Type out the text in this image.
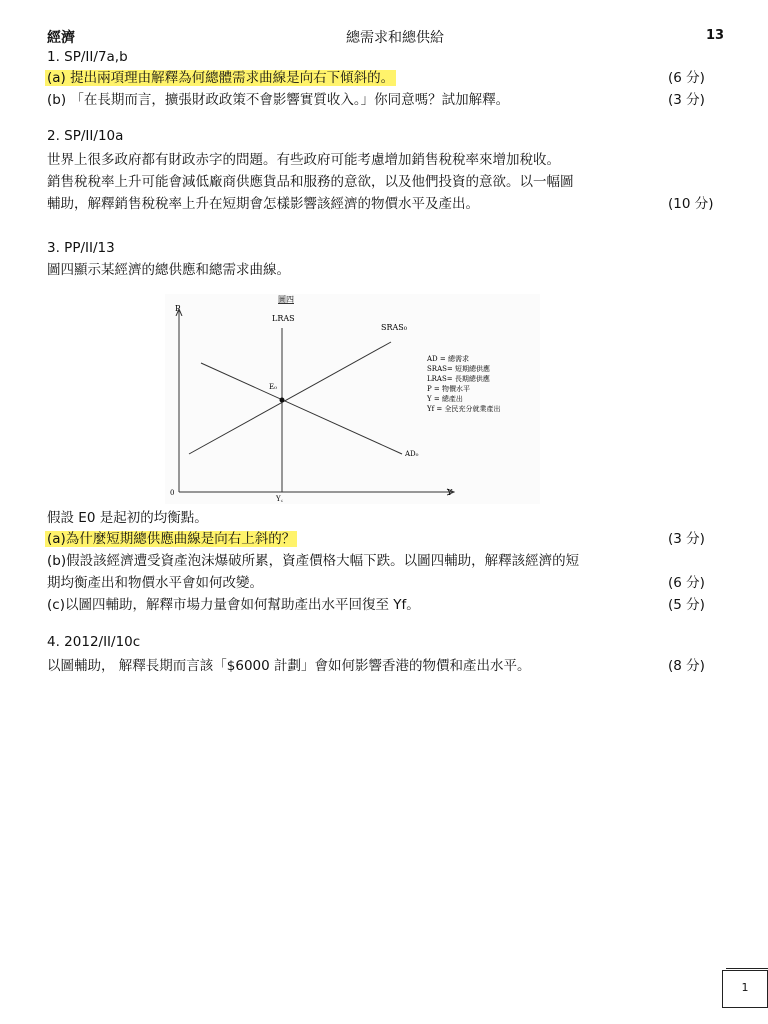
經濟	總需求和總供給	13
1. SP/II/7a,b
(a) 提出兩項理由解釋為何總體需求曲線是向右下傾斜的。	(6 分)
(b) 「在長期而言，擴張財政政策不會影響實質收入。」你同意嗎？試加解釋。	(3 分)
2. SP/II/10a
世界上很多政府都有財政赤字的問題。有些政府可能考慮增加銷售稅稅率來增加稅收。
銷售稅稅率上升可能會減低廠商供應貨品和服務的意欲，以及他們投資的意欲。以一幅圖
輔助，解釋銷售稅稅率上升在短期會怎樣影響該經濟的物價水平及產出。	(10 分)
3. PP/II/13
圖四顯示某經濟的總供應和總需求曲線。
圖四
P
Y
0
LRAS
SRAS₀
AD₀
E₀
Y꜀
AD = 總需求
SRAS= 短期總供應
LRAS= 長期總供應
P = 物價水平
Y = 總產出
Yf = 全民充分就業產出
假設 E0 是起初的均衡點。
(a)為什麼短期總供應曲線是向右上斜的？	(3 分)
(b)假設該經濟遭受資產泡沫爆破所累，資產價格大幅下跌。以圖四輔助，解釋該經濟的短
期均衡產出和物價水平會如何改變。	(6 分)
(c)以圖四輔助，解釋市場力量會如何幫助產出水平回復至 Yf。	(5 分)
4. 2012/II/10c
以圖輔助， 解釋長期而言該「$6000 計劃」會如何影響香港的物價和產出水平。	(8 分)
1
